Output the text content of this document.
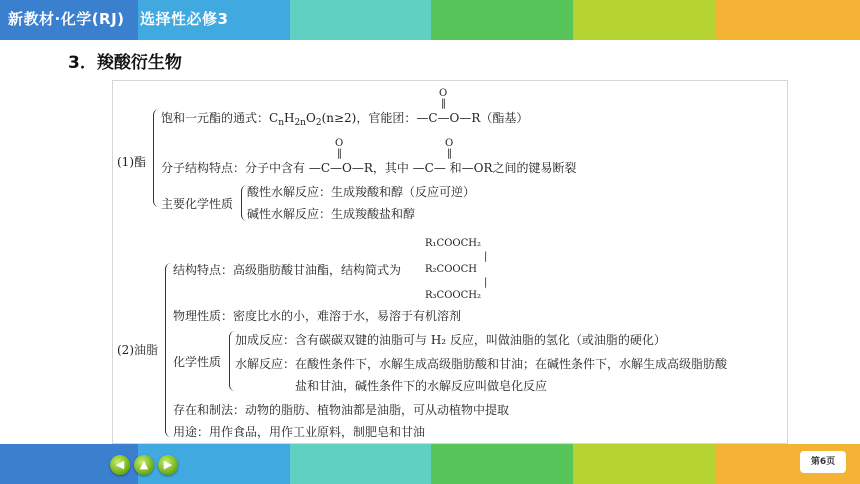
新教材·化学(RJ)　选择性必修3
3．羧酸衍生物
(1)酯
饱和一元酯的通式：$C_nH_{2n}O_2(n\ge 2)$，官能团：—C—O—R（酯基）
O
‖
分子结构特点：分子中含有 —C—O—R，其中 —C— 和—OR之间的键易断裂
O
‖
O
‖
主要化学性质
酸性水解反应：生成羧酸和醇（反应可逆）
碱性水解反应：生成羧酸盐和醇
(2)油脂
结构特点：高级脂肪酸甘油酯，结构简式为
R₁COOCH₂
R₂COOCH
R₃COOCH₂
|
|
物理性质：密度比水的小，难溶于水，易溶于有机溶剂
化学性质
加成反应：含有碳碳双键的油脂可与 H₂ 反应，叫做油脂的氢化（或油脂的硬化）
水解反应：在酸性条件下，水解生成高级脂肪酸和甘油；在碱性条件下，水解生成高级脂肪酸
盐和甘油，碱性条件下的水解反应叫做皂化反应
存在和制法：动物的脂肪、植物油都是油脂，可从动植物中提取
用途：用作食品，用作工业原料，制肥皂和甘油
◀	▲	▶	第6页
